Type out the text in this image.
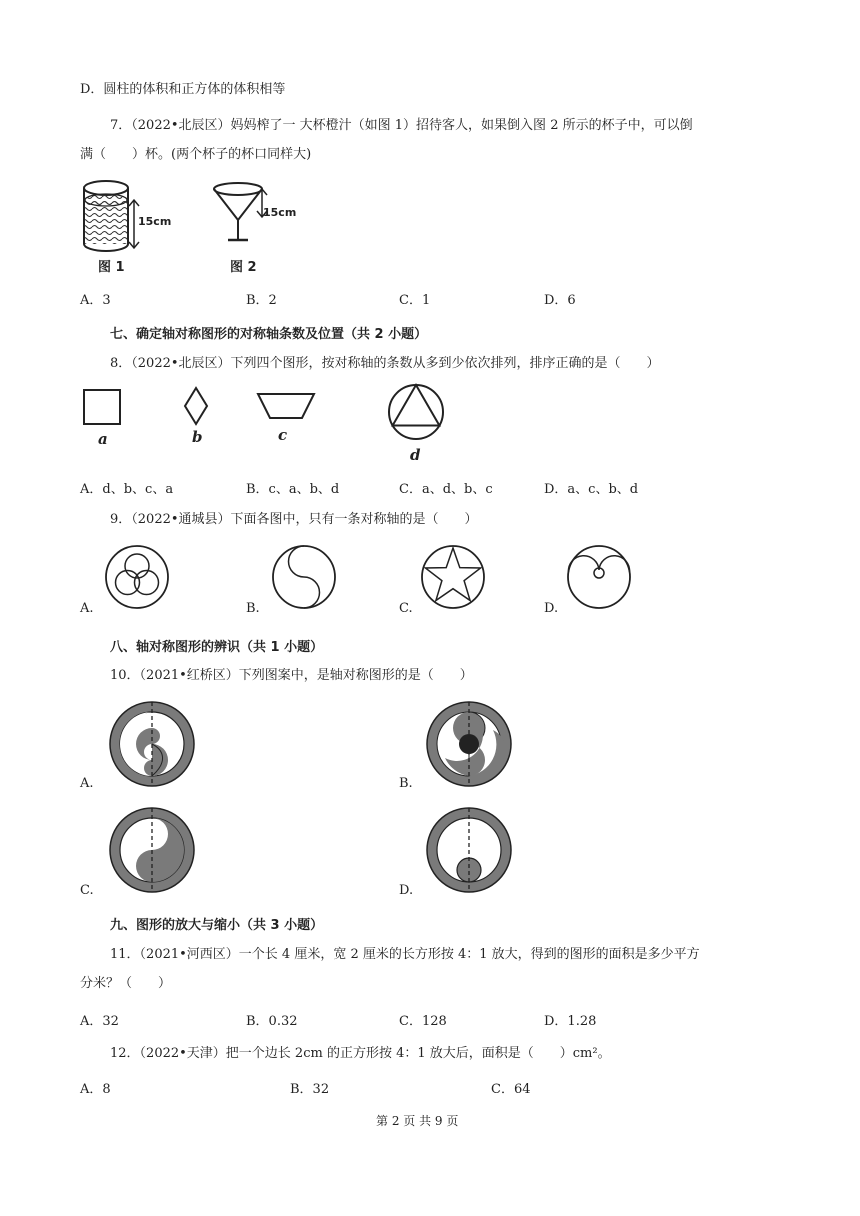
D．圆柱的体积和正方体的体积相等
7．（2022•北辰区）妈妈榨了一 大杯橙汁（如图 1）招待客人，如果倒入图 2 所示的杯子中，可以倒
满（　　）杯。(两个杯子的杯口同样大)
15cm
图 1
15cm
图 2
A．3	B．2	C．1	D．6
七、确定轴对称图形的对称轴条数及位置（共 2 小题）
8．（2022•北辰区）下列四个图形，按对称轴的条数从多到少依次排列，排序正确的是（　　）
a	b	c
d
A．d、b、c、a	B．c、a、b、d	C．a、d、b、c	D．a、c、b、d
9．（2022•通城县）下面各图中，只有一条对称轴的是（　　）
A.	B.	C.	D.
八、轴对称图形的辨识（共 1 小题）
10．（2021•红桥区）下列图案中，是轴对称图形的是（　　）
A.	B.
C.	D.
九、图形的放大与缩小（共 3 小题）
11．（2021•河西区）一个长 4 厘米，宽 2 厘米的长方形按 4：1 放大，得到的图形的面积是多少平方
分米？（　　）
A．32	B．0.32	C．128	D．1.28
12．（2022•天津）把一个边长 2cm 的正方形按 4：1 放大后，面积是（　　）cm²。
A．8	B．32	C．64
第 2 页 共 9 页
